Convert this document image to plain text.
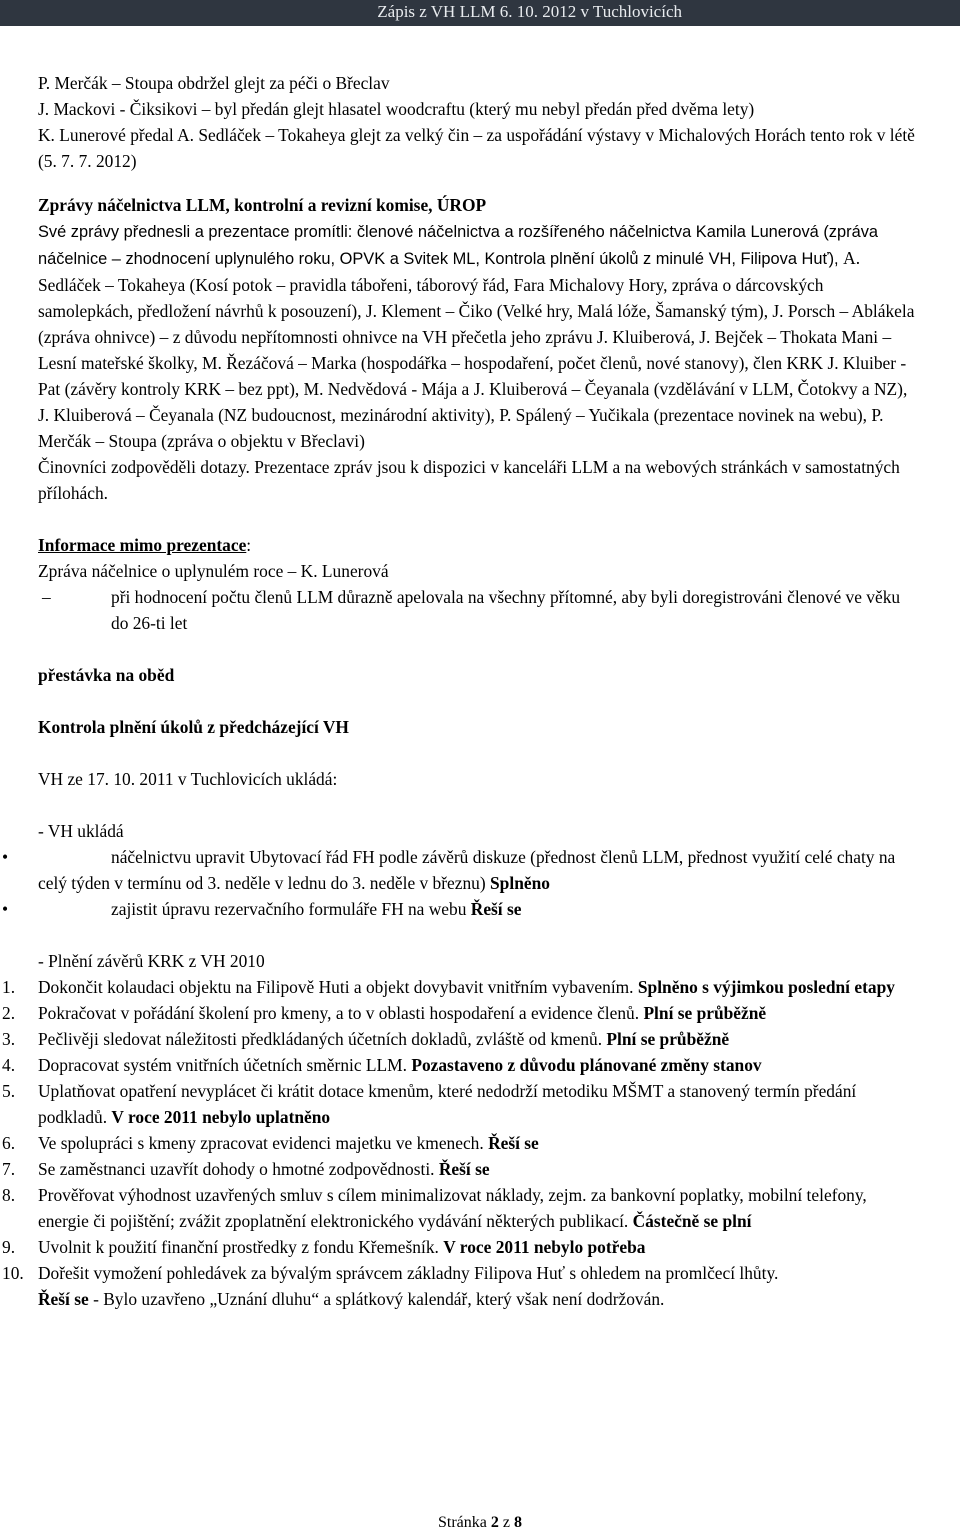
Zápis z VH LLM 6. 10. 2012 v Tuchlovicích

P. Merčák – Stoupa obdržel glejt za péči o Břeclav

J. Mackovi - Čiksikovi – byl předán glejt hlasatel woodcraftu (který mu nebyl předán před dvěma lety)

K. Lunerové předal A. Sedláček – Tokaheya glejt za velký čin – za uspořádání výstavy v Michalových Horách tento rok v létě (5. 7. 7. 2012)

Zprávy náčelnictva LLM, kontrolní a revizní komise, ÚROP

Své zprávy přednesli a prezentace promítli: členové náčelnictva a rozšířeného náčelnictva Kamila Lunerová (zpráva náčelnice – zhodnocení uplynulého roku, OPVK a Svitek ML, Kontrola plnění úkolů z minulé VH, Filipova Huť), A. Sedláček – Tokaheya (Kosí potok – pravidla tábořeni, táborový řád, Fara Michalovy Hory, zpráva o dárcovských samolepkách, předložení návrhů k posouzení), J. Klement – Čiko (Velké hry, Malá lóže, Šamanský tým), J. Porsch – Ablákela (zpráva ohnivce) – z důvodu nepřítomnosti ohnivce na VH přečetla jeho zprávu J. Kluiberová, J. Bejček – Thokata Mani – Lesní mateřské školky, M. Řezáčová – Marka (hospodářka – hospodaření, počet členů, nové stanovy), člen KRK J. Kluiber - Pat (závěry kontroly KRK – bez ppt), M. Nedvědová - Mája a J. Kluiberová – Čeyanala (vzdělávání v LLM, Čotokvy a NZ), J. Kluiberová – Čeyanala (NZ budoucnost, mezinárodní aktivity), P. Spálený – Yučikala (prezentace novinek na webu), P. Merčák – Stoupa (zpráva o objektu v Břeclavi)

Činovníci zodpověděli dotazy. Prezentace zpráv jsou k dispozici v kanceláři LLM a na webových stránkách v samostatných přílohách.

Informace mimo prezentace:

Zpráva náčelnice o uplynulém roce – K. Lunerová

–	při hodnocení počtu členů LLM důrazně apelovala na všechny přítomné, aby byli doregistrováni členové ve věku do 26-ti let

přestávka na oběd

Kontrola plnění úkolů z předcházející VH

VH ze 17. 10. 2011 v Tuchlovicích ukládá:

- VH ukládá

•	náčelnictvu upravit Ubytovací řád FH podle závěrů diskuze (přednost členů LLM, přednost využití celé chaty na celý týden v termínu od 3. neděle v lednu do 3. neděle v březnu) Splněno
•	zajistit úpravu rezervačního formuláře FH na webu Řeší se

- Plnění závěrů KRK z VH 2010

1. Dokončit kolaudaci objektu na Filipově Huti a objekt dovybavit vnitřním vybavením. Splněno s výjimkou poslední etapy
2. Pokračovat v pořádání školení pro kmeny, a to v oblasti hospodaření a evidence členů. Plní se průběžně
3. Pečlivěji sledovat náležitosti předkládaných účetních dokladů, zvláště od kmenů. Plní se průběžně
4. Dopracovat systém vnitřních účetních směrnic LLM. Pozastaveno z důvodu plánované změny stanov
5. Uplatňovat opatření nevyplácet či krátit dotace kmenům, které nedodrží metodiku MŠMT a stanovený termín předání podkladů. V roce 2011 nebylo uplatněno
6. Ve spolupráci s kmeny zpracovat evidenci majetku ve kmenech. Řeší se
7. Se zaměstnanci uzavřít dohody o hmotné zodpovědnosti. Řeší se
8. Prověřovat výhodnost uzavřených smluv s cílem minimalizovat náklady, zejm. za bankovní poplatky, mobilní telefony, energie či pojištění; zvážit zpoplatnění elektronického vydávání některých publikací. Částečně se plní
9. Uvolnit k použití finanční prostředky z fondu Křemešník. V roce 2011 nebylo potřeba
10. Dořešit vymožení pohledávek za bývalým správcem základny Filipova Huť s ohledem na promlčecí lhůty.

Řeší se - Bylo uzavřeno „Uznání dluhu“ a splátkový kalendář, který však není dodržován.

Stránka 2 z 8
